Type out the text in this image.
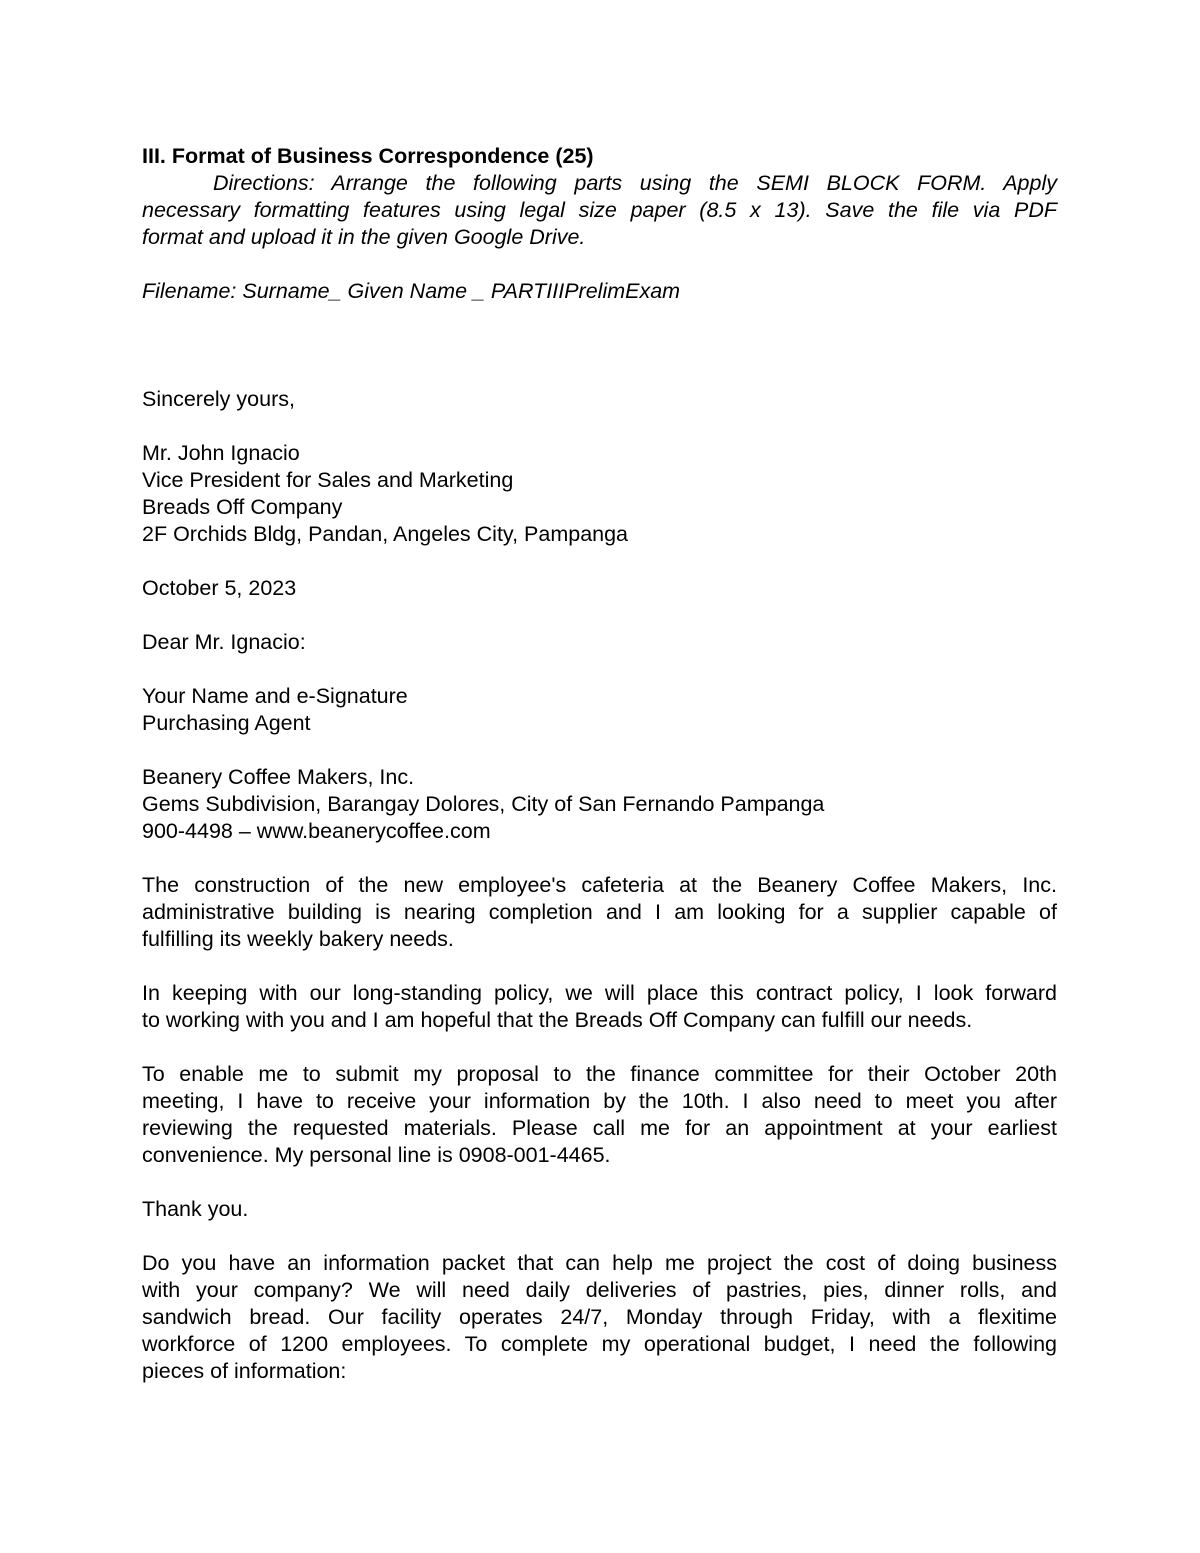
III. Format of Business Correspondence (25)
Directions: Arrange the following parts using the SEMI BLOCK FORM. Apply
necessary formatting features using legal size paper (8.5 x 13). Save the file via PDF
format and upload it in the given Google Drive.
Filename: Surname_ Given Name _ PARTIIIPrelimExam
Sincerely yours,
Mr. John Ignacio
Vice President for Sales and Marketing
Breads Off Company
2F Orchids Bldg, Pandan, Angeles City, Pampanga
October 5, 2023
Dear Mr. Ignacio:
Your Name and e-Signature
Purchasing Agent
Beanery Coffee Makers, Inc.
Gems Subdivision, Barangay Dolores, City of San Fernando Pampanga
900-4498 – www.beanerycoffee.com
The construction of the new employee's cafeteria at the Beanery Coffee Makers, Inc.
administrative building is nearing completion and I am looking for a supplier capable of
fulfilling its weekly bakery needs.
In keeping with our long-standing policy, we will place this contract policy, I look forward
to working with you and I am hopeful that the Breads Off Company can fulfill our needs.
To enable me to submit my proposal to the finance committee for their October 20th
meeting, I have to receive your information by the 10th. I also need to meet you after
reviewing the requested materials. Please call me for an appointment at your earliest
convenience. My personal line is 0908-001-4465.
Thank you.
Do you have an information packet that can help me project the cost of doing business
with your company? We will need daily deliveries of pastries, pies, dinner rolls, and
sandwich bread. Our facility operates 24/7, Monday through Friday, with a flexitime
workforce of 1200 employees. To complete my operational budget, I need the following
pieces of information:
